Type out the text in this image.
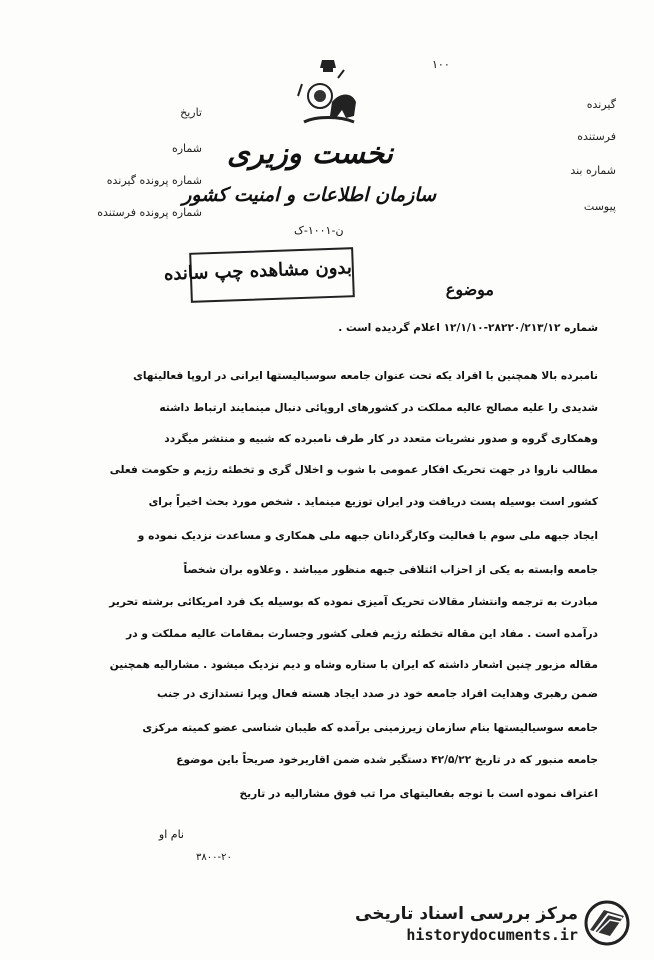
۱۰۰
نخست وزیری
سازمان اطلاعات و امنیت کشور
ن-۱۰۰۱-ک
تاریخ
شماره
شماره پرونده گیرنده
شماره پرونده فرستنده
گیرنده
فرستنده
شماره بند
پیوست
بدون مشاهده چپ سانده
موضوع
شماره ۲۸۲۲۰/۲۱۳/۱۲-۱۲/۱/۱۰ اعلام گردیده است .
نامبرده بالا همچنین با افراد یکه تحت عنوان جامعه سوسیالیستها ایرانی در اروپا فعالیتهای
شدیدی را علیه مصالح عالیه مملکت در کشورهای اروپائی دنبال مینمایند ارتباط داشته
وهمکاری گروه و صدور نشریات متعدد در کار طرف نامبرده که شبیه و منتشر میگردد
مطالب ناروا در جهت تحریک افکار عمومی با شوب و اخلال گری و تخطئه رژیم و حکومت فعلی
کشور است بوسیله پست دریافت ودر ایران توزیع مینماید . شخص مورد بحث اخیراً برای
ایجاد جبهه ملی سوم با فعالیت وکارگردانان جبهه ملی همکاری و مساعدت نزدیک نموده و
جامعه وابسته به یکی از احزاب ائتلافی جبهه منظور میباشد . وعلاوه بران شخصاً
مبادرت به ترجمه وانتشار مقالات تحریک آمیزی نموده که بوسیله یک فرد امریکائی برشته تحریر
درآمده است . مفاد این مقاله تخطئه رژیم فعلی کشور وجسارت بمقامات عالیه مملکت و در
مقاله مزبور چنین اشعار داشته که ایران با ستاره وشاه و دیم نزدیک میشود . مشارالیه همچنین
ضمن رهبری وهدایت افراد جامعه خود در صدد ایجاد هسته فعال وپرا تستدازی در جنب
جامعه سوسیالیستها بنام سازمان زیرزمینی برآمده که طیبان شناسی عضو کمیته مرکزی
جامعه منبور که در تاریخ ۴۲/۵/۲۲ دستگیر شده ضمن اقاریرخود صریحاً باین موضوع
اعتراف نموده است با توجه بفعالیتهای مرا تب فوق مشارالیه در تاریخ
نام او
۳۸۰۰-۲۰
مرکز بررسی اسناد تاریخی
historydocuments.ir
